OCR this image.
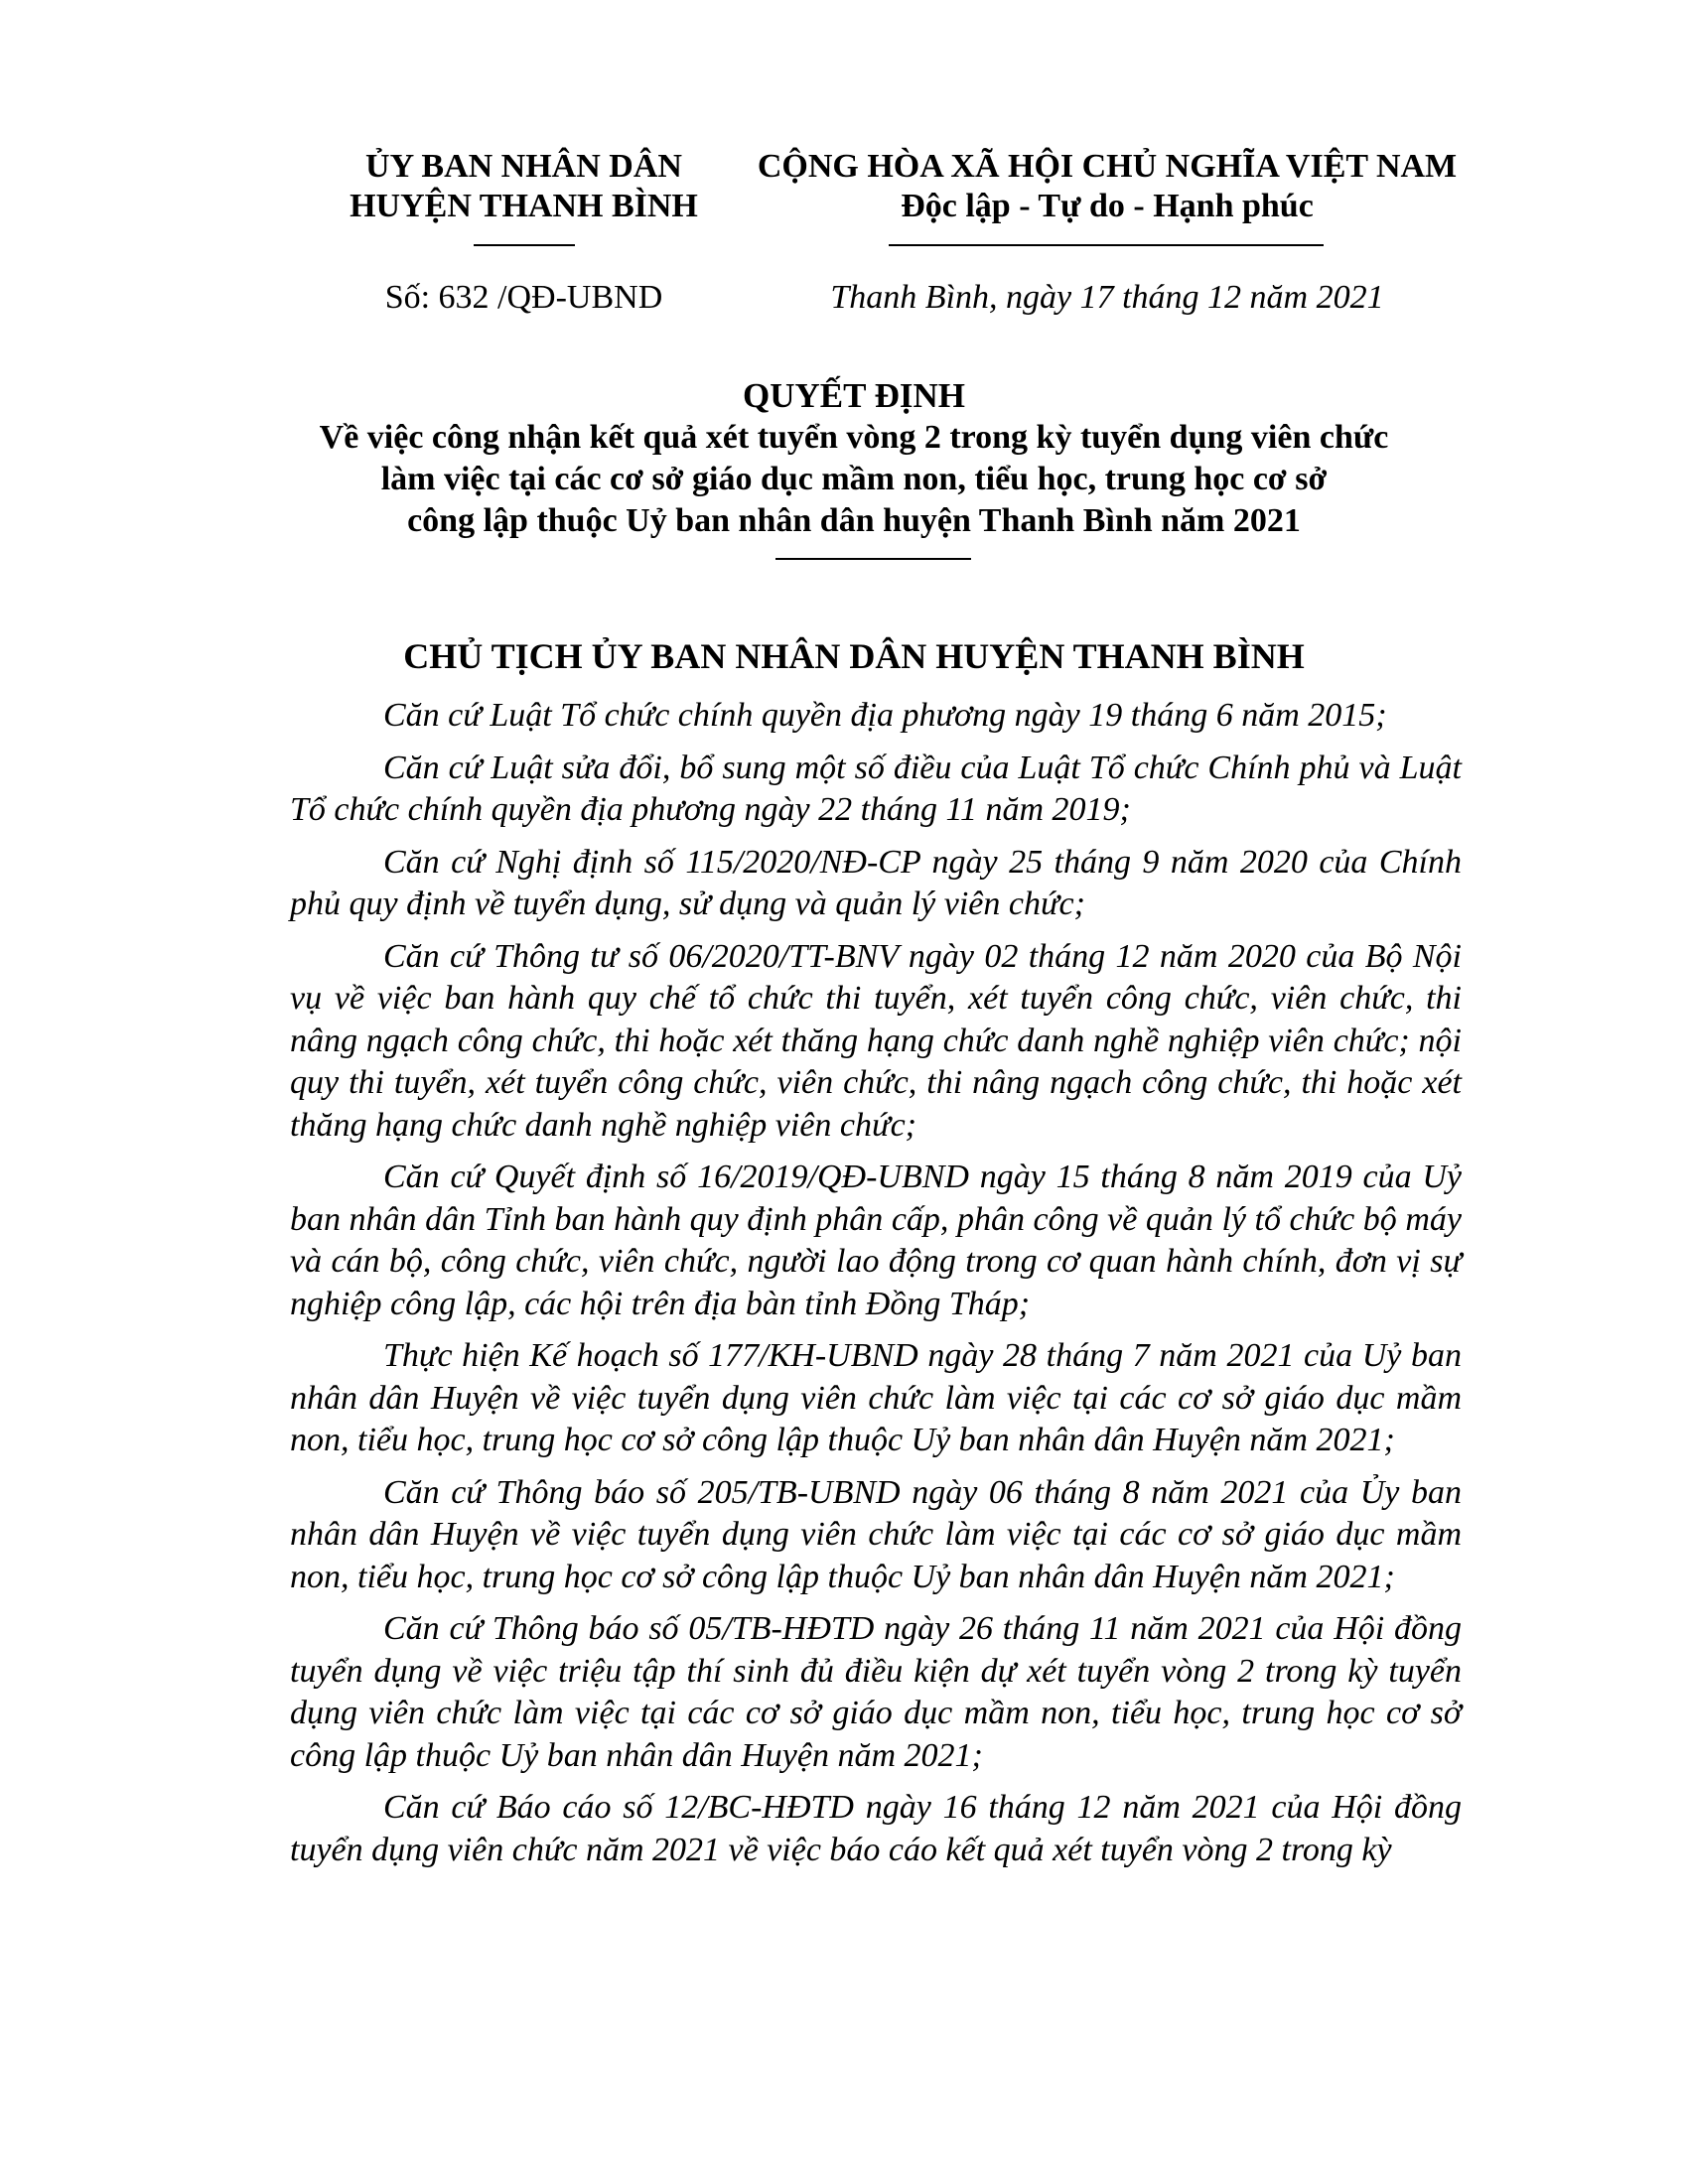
ỦY BAN NHÂN DÂN
HUYỆN THANH BÌNH
CỘNG HÒA XÃ HỘI CHỦ NGHĨA VIỆT NAM
Độc lập - Tự do - Hạnh phúc
Số: 632 /QĐ-UBND	Thanh Bình, ngày 17 tháng 12 năm 2021
QUYẾT ĐỊNH
Về việc công nhận kết quả xét tuyển vòng 2 trong kỳ tuyển dụng viên chức
làm việc tại các cơ sở giáo dục mầm non, tiểu học, trung học cơ sở
công lập thuộc Uỷ ban nhân dân huyện Thanh Bình năm 2021
CHỦ TỊCH ỦY BAN NHÂN DÂN HUYỆN THANH BÌNH

Căn cứ Luật Tổ chức chính quyền địa phương ngày 19 tháng 6 năm 2015;

Căn cứ Luật sửa đổi, bổ sung một số điều của Luật Tổ chức Chính phủ và Luật Tổ chức chính quyền địa phương ngày 22 tháng 11 năm 2019;

Căn cứ Nghị định số 115/2020/NĐ-CP ngày 25 tháng 9 năm 2020 của Chính phủ quy định về tuyển dụng, sử dụng và quản lý viên chức;

Căn cứ Thông tư số 06/2020/TT-BNV ngày 02 tháng 12 năm 2020 của Bộ Nội vụ về việc ban hành quy chế tổ chức thi tuyển, xét tuyển công chức, viên chức, thi nâng ngạch công chức, thi hoặc xét thăng hạng chức danh nghề nghiệp viên chức; nội quy thi tuyển, xét tuyển công chức, viên chức, thi nâng ngạch công chức, thi hoặc xét thăng hạng chức danh nghề nghiệp viên chức;

Căn cứ Quyết định số 16/2019/QĐ-UBND ngày 15 tháng 8 năm 2019 của Uỷ ban nhân dân Tỉnh ban hành quy định phân cấp, phân công về quản lý tổ chức bộ máy và cán bộ, công chức, viên chức, người lao động trong cơ quan hành chính, đơn vị sự nghiệp công lập, các hội trên địa bàn tỉnh Đồng Tháp;

Thực hiện Kế hoạch số 177/KH-UBND ngày 28 tháng 7 năm 2021 của Uỷ ban nhân dân Huyện về việc tuyển dụng viên chức làm việc tại các cơ sở giáo dục mầm non, tiểu học, trung học cơ sở công lập thuộc Uỷ ban nhân dân Huyện năm 2021;

Căn cứ Thông báo số 205/TB-UBND ngày 06 tháng 8 năm 2021 của Ủy ban nhân dân Huyện về việc tuyển dụng viên chức làm việc tại các cơ sở giáo dục mầm non, tiểu học, trung học cơ sở công lập thuộc Uỷ ban nhân dân Huyện năm 2021;

Căn cứ Thông báo số 05/TB-HĐTD ngày 26 tháng 11 năm 2021 của Hội đồng tuyển dụng về việc triệu tập thí sinh đủ điều kiện dự xét tuyển vòng 2 trong kỳ tuyển dụng viên chức làm việc tại các cơ sở giáo dục mầm non, tiểu học, trung học cơ sở công lập thuộc Uỷ ban nhân dân Huyện năm 2021;

Căn cứ Báo cáo số 12/BC-HĐTD ngày 16 tháng 12 năm 2021 của Hội đồng tuyển dụng viên chức năm 2021 về việc báo cáo kết quả xét tuyển vòng 2 trong kỳ
